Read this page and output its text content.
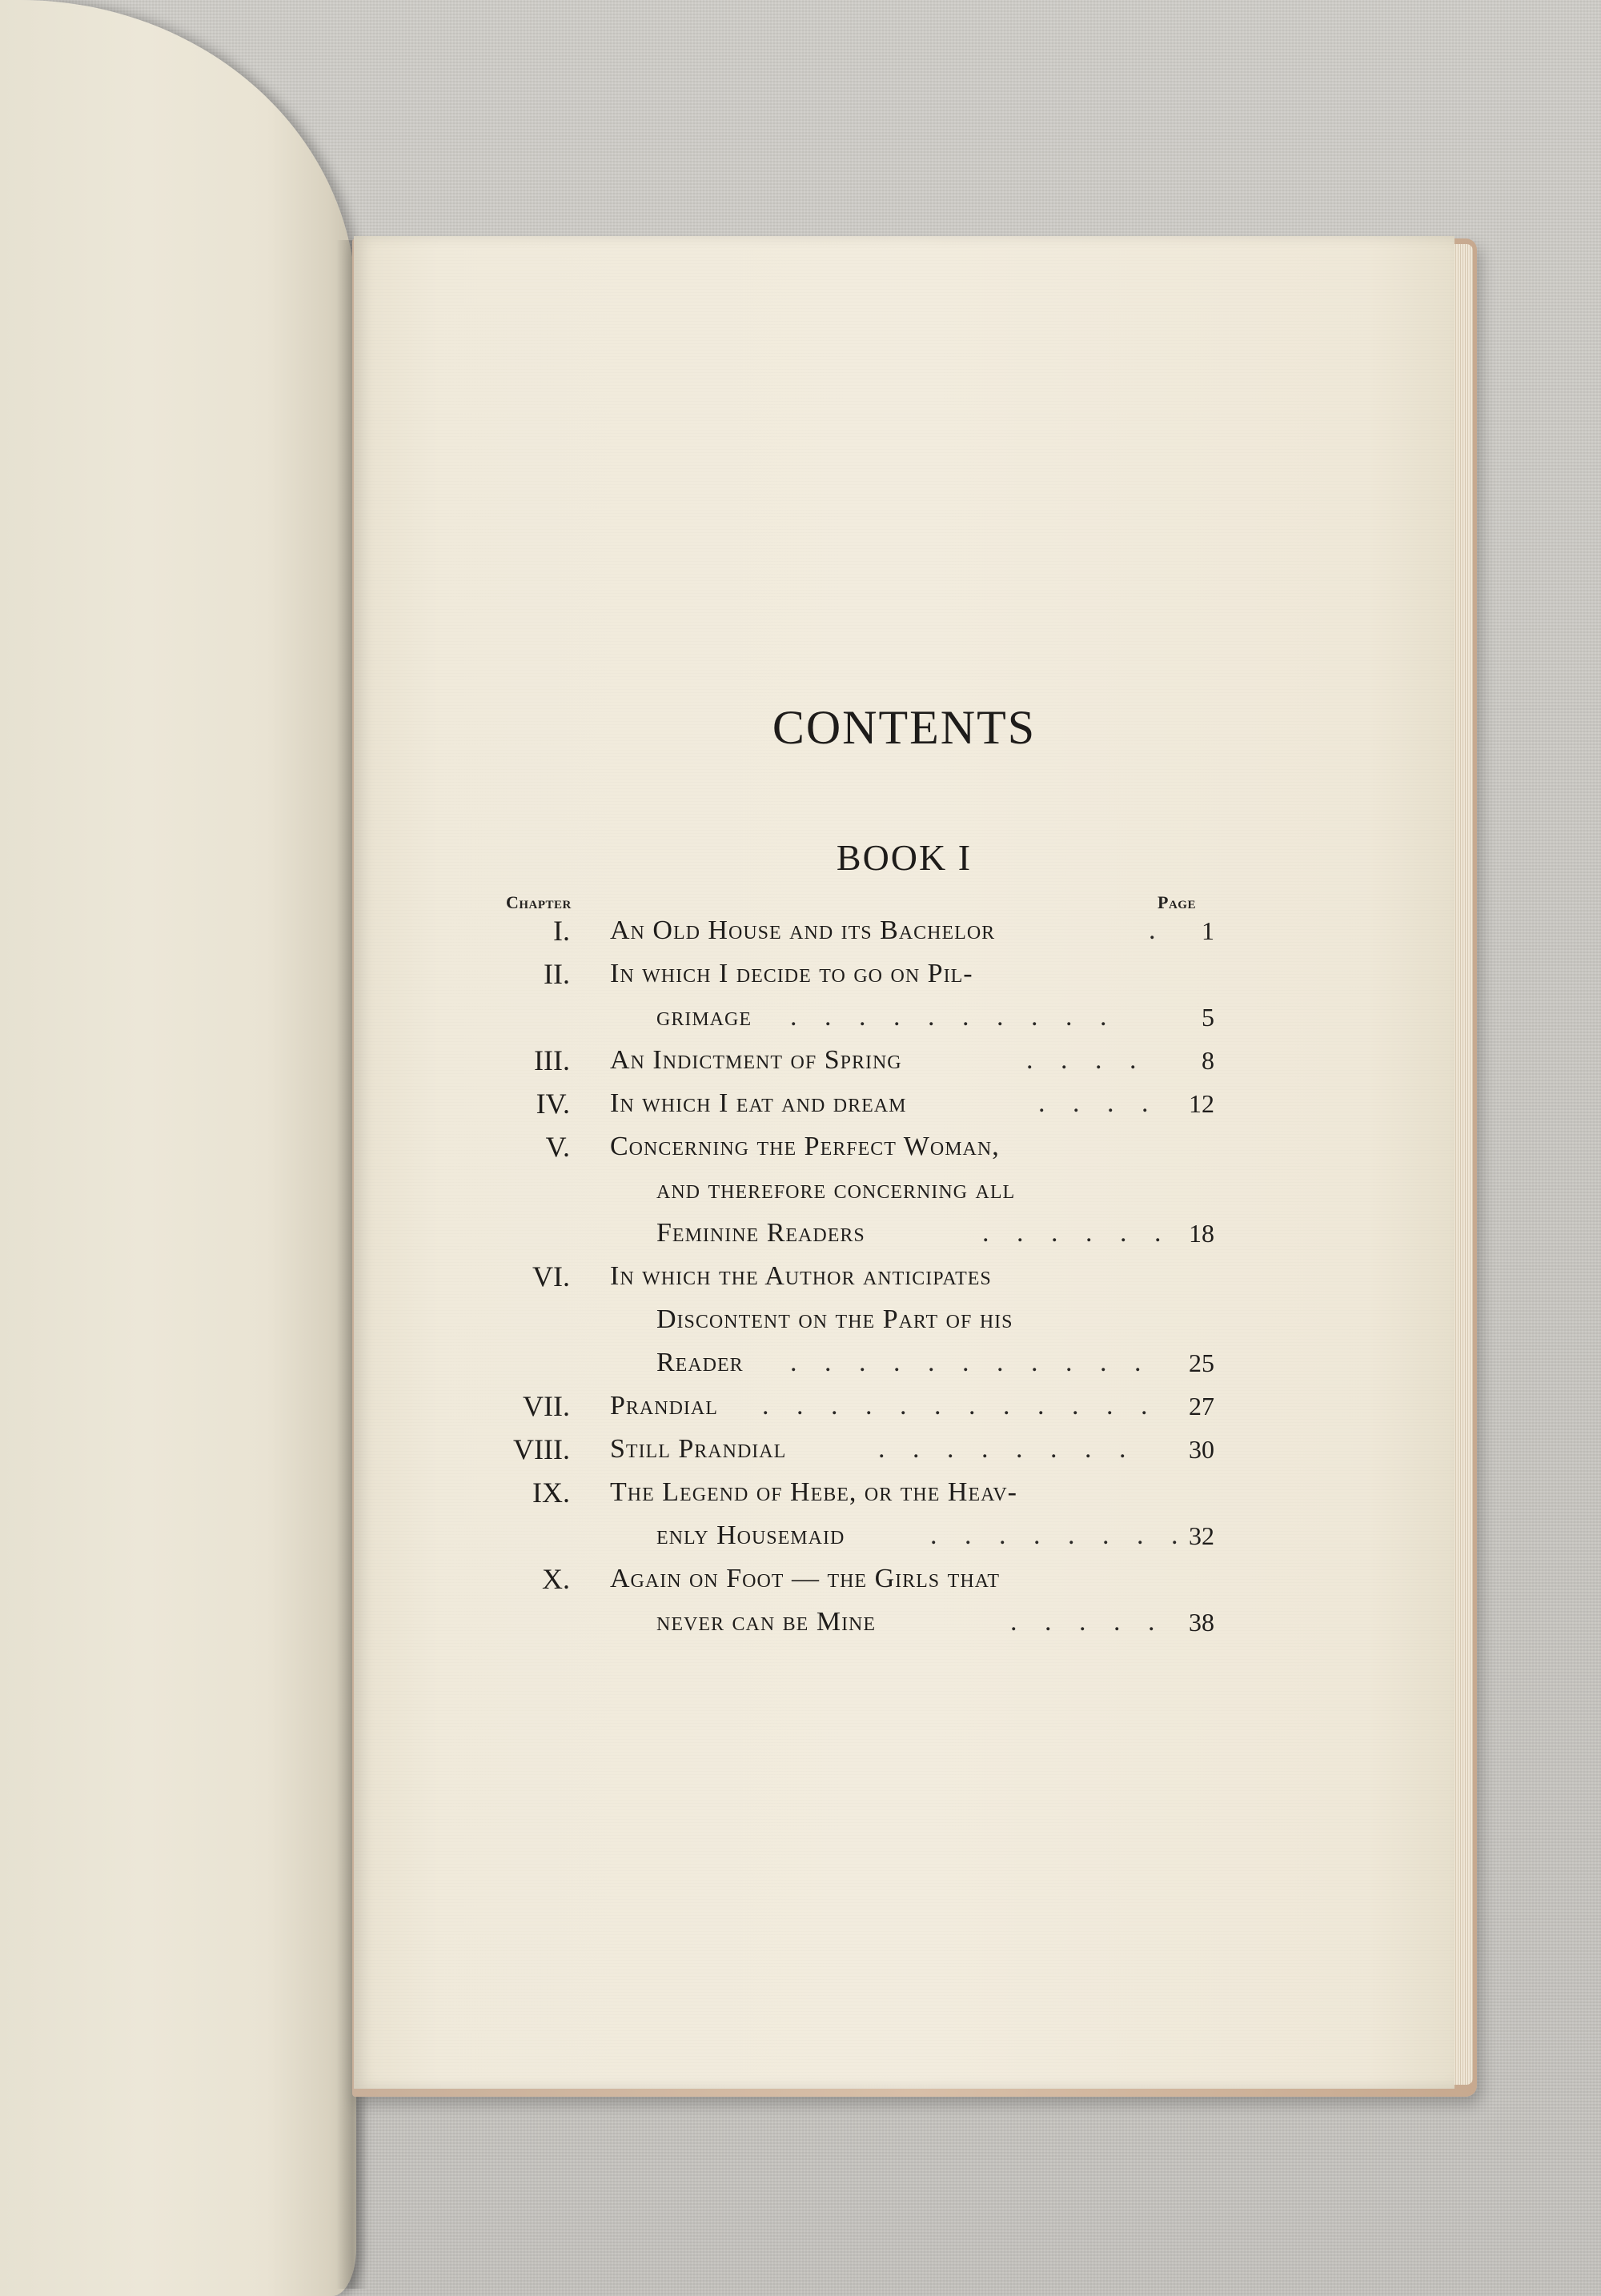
CONTENTS
BOOK I
Chapter	Page
I. An Old House and its Bachelor	. 1
II. In which I decide to go on Pil-
grimage . . . . . . . . . .	5
III. An Indictment of Spring	. . . . 8
IV. In which I eat and dream	. . . . 12
V. Concerning the Perfect Woman,
and therefore concerning all
Feminine Readers	. . . . . . 18
VI. In which the Author anticipates
Discontent on the Part of his
Reader . . . . . . . . . . . 25
VII. Prandial . . . . . . . . . . . . 27
VIII. Still Prandial	. . . . . . . . 30
IX. The Legend of Hebe, or the Heav-
enly Housemaid	. . . . . . . . 32
X. Again on Foot — the Girls that
never can be Mine	. . . . . 38
